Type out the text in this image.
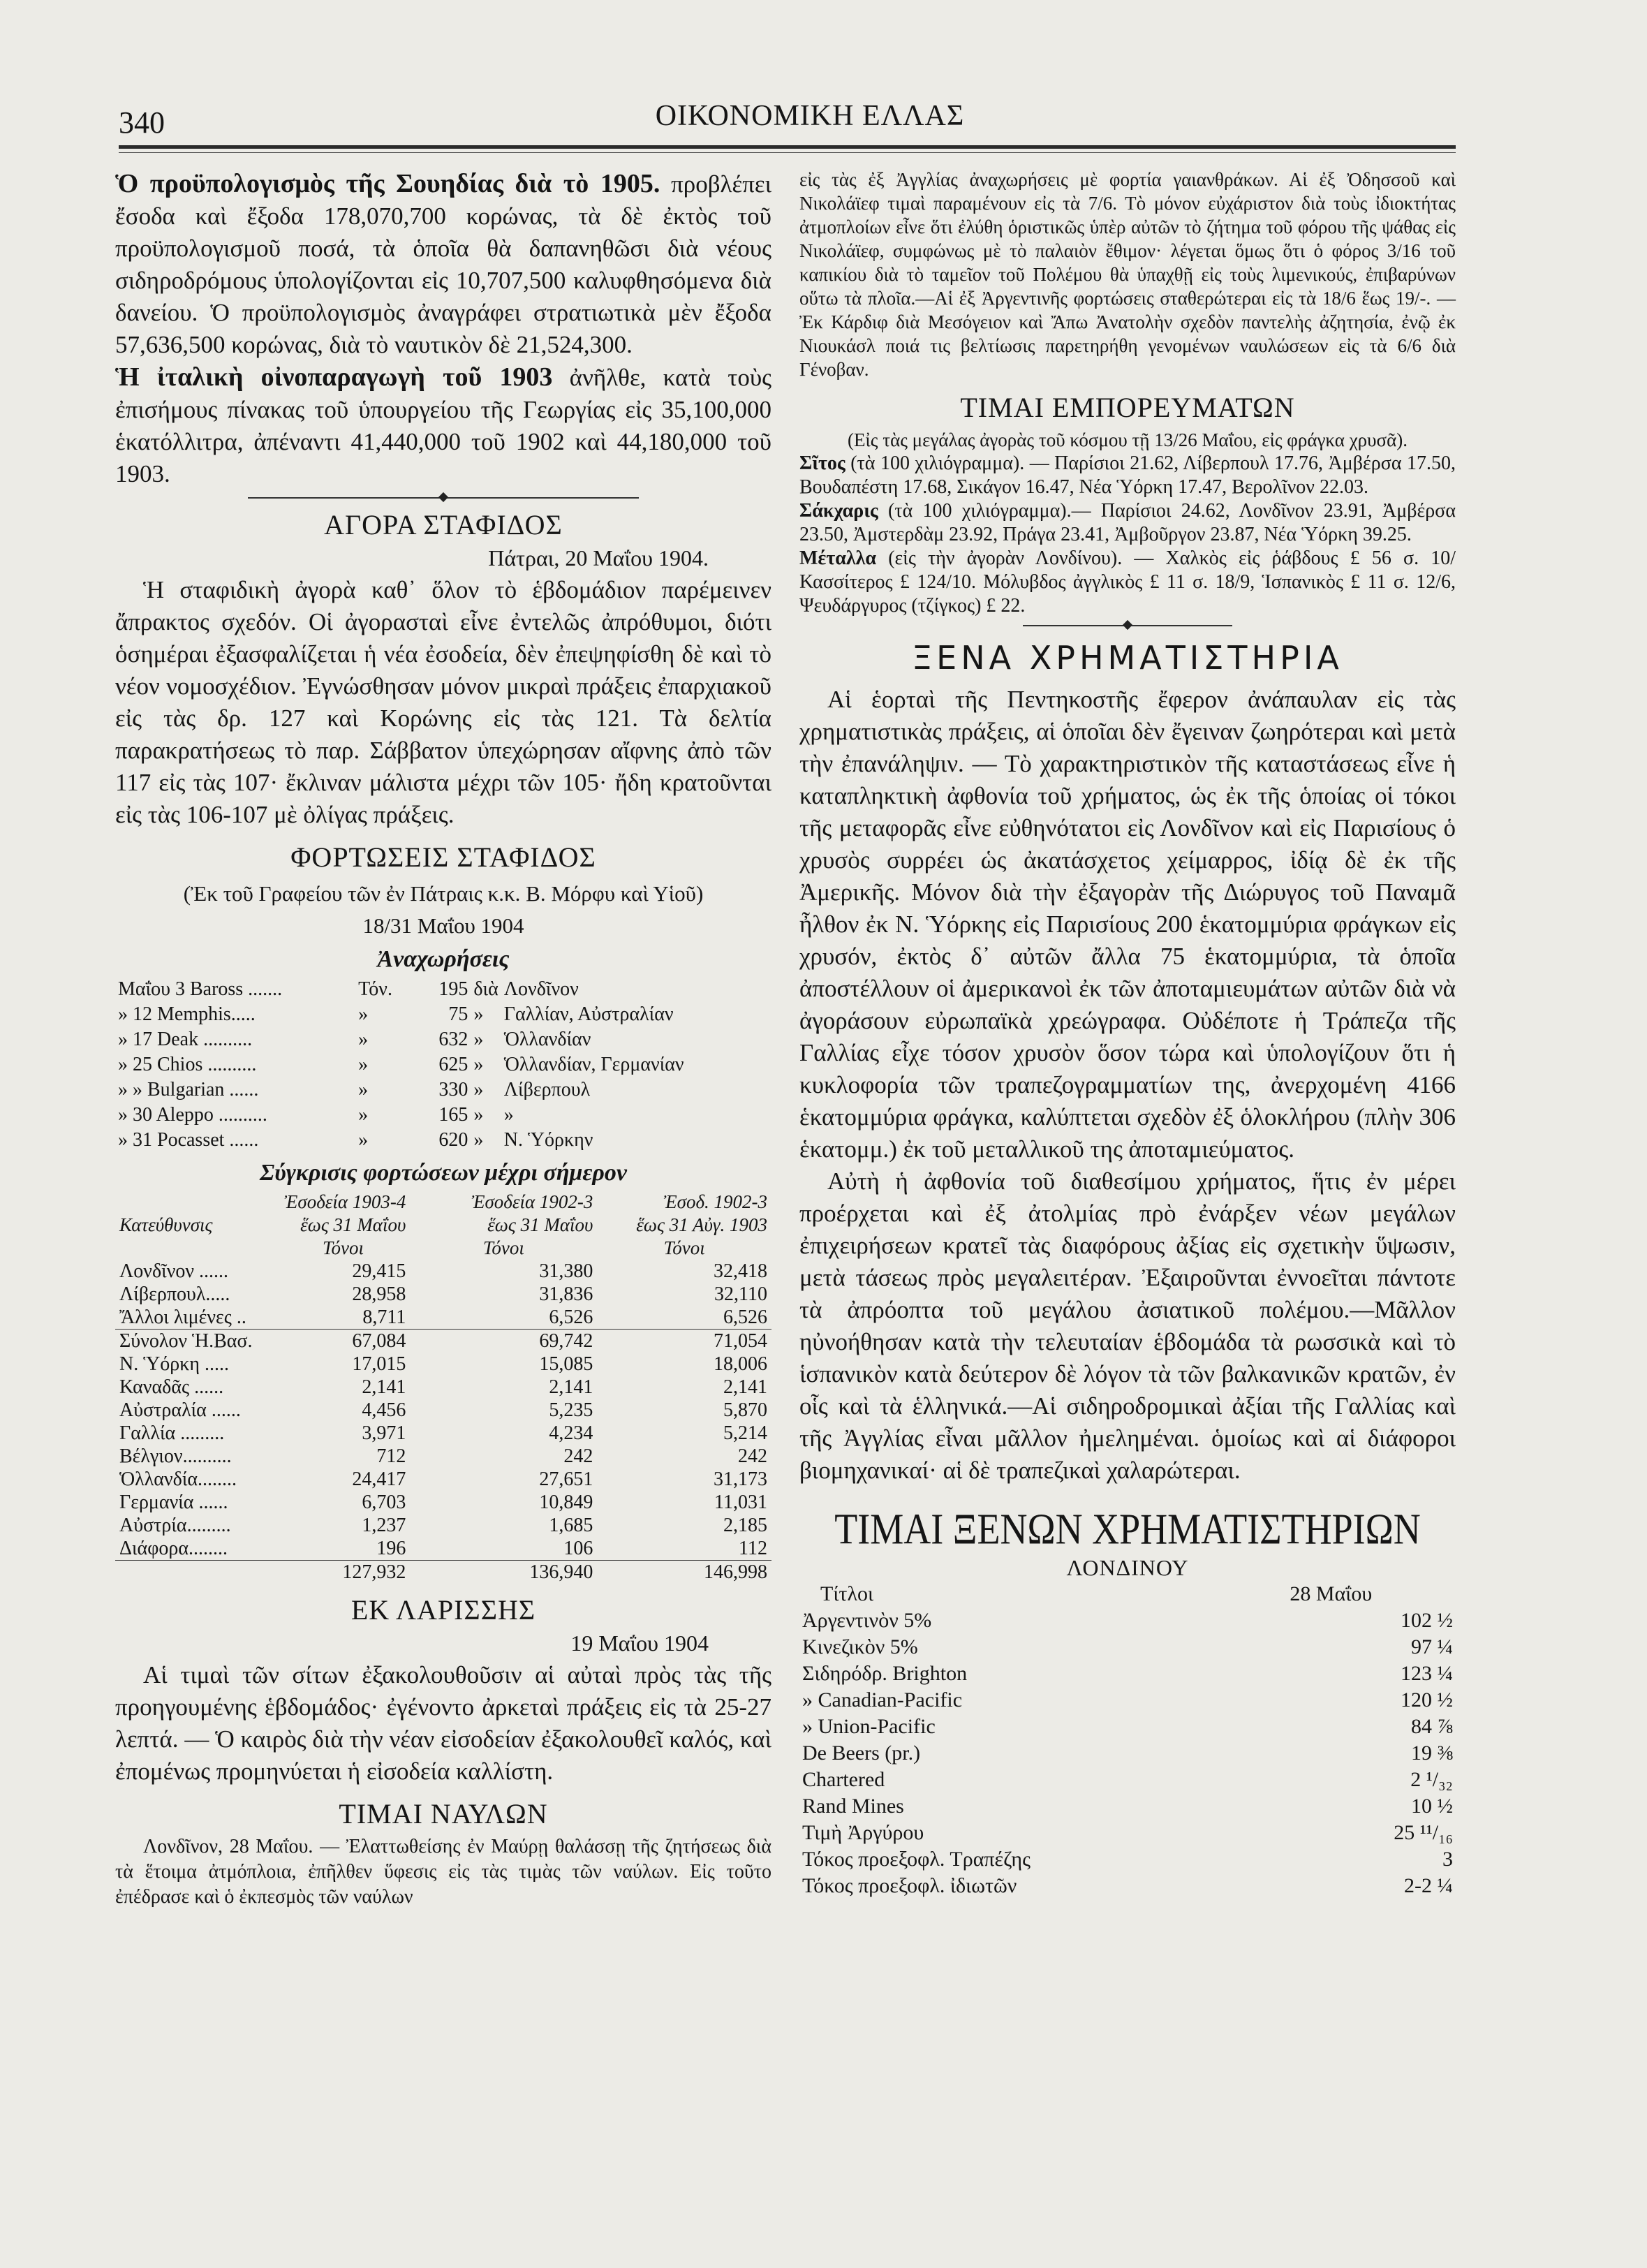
340	ΟΙΚΟΝΟΜΙΚΗ ΕΛΛΑΣ

Ὁ προϋπολογισμὸς τῆς Σουηδίας διὰ τὸ 1905. προβλέπει ἔσοδα καὶ ἔξοδα 178,070,700 κορώνας, τὰ δὲ ἐκτὸς τοῦ προϋπολογισμοῦ ποσά, τὰ ὁποῖα θὰ δαπανηθῶσι διὰ νέους σιδηροδρόμους ὑπολογίζονται εἰς 10,707,500 καλυφθησόμενα διὰ δανείου. Ὁ προϋπολογισμὸς ἀναγράφει στρατιωτικὰ μὲν ἔξοδα 57,636,500 κορώνας, διὰ τὸ ναυτικὸν δὲ 21,524,300.

Ἡ ἰταλικὴ οἰνοπαραγωγὴ τοῦ 1903 ἀνῆλθε, κατὰ τοὺς ἐπισήμους πίνακας τοῦ ὑπουργείου τῆς Γεωργίας εἰς 35,100,000 ἑκατόλλιτρα, ἀπέναντι 41,440,000 τοῦ 1902 καὶ 44,180,000 τοῦ 1903.

ΑΓΟΡΑ ΣΤΑΦΙΔΟΣ
Πάτραι, 20 Μαΐου 1904.

Ἡ σταφιδικὴ ἀγορὰ καθ᾽ ὅλον τὸ ἑβδομάδιον παρέμεινεν ἄπρακτος σχεδόν. Οἱ ἀγορασταὶ εἶνε ἐντελῶς ἀπρόθυμοι, διότι ὁσημέραι ἐξασφαλίζεται ἡ νέα ἐσοδεία, δὲν ἐπεψηφίσθη δὲ καὶ τὸ νέον νομοσχέδιον. Ἐγνώσθησαν μόνον μικραὶ πράξεις ἐπαρχιακοῦ εἰς τὰς δρ. 127 καὶ Κορώνης εἰς τὰς 121. Τὰ δελτία παρακρατήσεως τὸ παρ. Σάββατον ὑπεχώρησαν αἴφνης ἀπὸ τῶν 117 εἰς τὰς 107· ἔκλιναν μάλιστα μέχρι τῶν 105· ἤδη κρατοῦνται εἰς τὰς 106-107 μὲ ὀλίγας πράξεις.

ΦΟΡΤΩΣΕΙΣ ΣΤΑΦΙΔΟΣ

(Ἐκ τοῦ Γραφείου τῶν ἐν Πάτραις κ.κ. Β. Μόρφυ καὶ Υἱοῦ)

18/31 Μαΐου 1904

Ἀναχωρήσεις
Μαΐου 3 Baross .......	Τόν.	195	διὰ	Λονδῖνον
» 12 Memphis.....	»	75	»	Γαλλίαν, Αὐστραλίαν
» 17 Deak ..........	»	632	»	Ὁλλανδίαν
» 25 Chios ..........	»	625	»	Ὁλλανδίαν, Γερμανίαν
» » Bulgarian ......	»	330	»	Λίβερπουλ
» 30 Aleppo ..........	»	165	»	»
» 31 Pocasset ......	»	620	»	Ν. Ὑόρκην
Σύγκρισις φορτώσεων μέχρι σήμερον
	Ἐσοδεία 1903-4	Ἐσοδεία 1902-3	Ἐσοδ. 1902-3
Κατεύθυνσις	ἕως 31 Μαΐου	ἕως 31 Μαΐου	ἕως 31 Αὐγ. 1903
	Τόνοι	Τόνοι	Τόνοι
Λονδῖνον ......	29,415	31,380	32,418
Λίβερπουλ.....	28,958	31,836	32,110
Ἄλλοι λιμένες ..	8,711	6,526	6,526
Σύνολον Ἡ.Βασ.	67,084	69,742	71,054
Ν. Ὑόρκη .....	17,015	15,085	18,006
Καναδᾶς ......	2,141	2,141	2,141
Αὐστραλία ......	4,456	5,235	5,870
Γαλλία .........	3,971	4,234	5,214
Βέλγιον..........	712	242	242
Ὁλλανδία........	24,417	27,651	31,173
Γερμανία ......	6,703	10,849	11,031
Αὐστρία.........	1,237	1,685	2,185
Διάφορα........	196	106	112
	127,932	136,940	146,998
ΕΚ ΛΑΡΙΣΣΗΣ
19 Μαΐου 1904

Αἱ τιμαὶ τῶν σίτων ἐξακολουθοῦσιν αἱ αὐταὶ πρὸς τὰς τῆς προηγουμένης ἑβδομάδος· ἐγένοντο ἀρκεταὶ πράξεις εἰς τὰ 25-27 λεπτά. — Ὁ καιρὸς διὰ τὴν νέαν εἰσοδείαν ἐξακολουθεῖ καλός, καὶ ἐπομένως προμηνύεται ἡ εἰσοδεία καλλίστη.

ΤΙΜΑΙ ΝΑΥΛΩΝ

Λονδῖνον, 28 Μαΐου. — Ἐλαττωθείσης ἐν Μαύρῃ θαλάσσῃ τῆς ζητήσεως διὰ τὰ ἕτοιμα ἀτμόπλοια, ἐπῆλθεν ὕφεσις εἰς τὰς τιμὰς τῶν ναύλων. Εἰς τοῦτο ἐπέδρασε καὶ ὁ ἐκπεσμὸς τῶν ναύλων

εἰς τὰς ἐξ Ἀγγλίας ἀναχωρήσεις μὲ φορτία γαιανθράκων. Αἱ ἐξ Ὀδησσοῦ καὶ Νικολάϊεφ τιμαὶ παραμένουν εἰς τὰ 7/6. Τὸ μόνον εὐχάριστον διὰ τοὺς ἰδιοκτήτας ἀτμοπλοίων εἶνε ὅτι ἐλύθη ὁριστικῶς ὑπὲρ αὐτῶν τὸ ζήτημα τοῦ φόρου τῆς ψάθας εἰς Νικολάϊεφ, συμφώνως μὲ τὸ παλαιὸν ἔθιμον· λέγεται ὅμως ὅτι ὁ φόρος 3/16 τοῦ καπικίου διὰ τὸ ταμεῖον τοῦ Πολέμου θὰ ὑπαχθῇ εἰς τοὺς λιμενικούς, ἐπιβαρύνων οὕτω τὰ πλοῖα.—Αἱ ἐξ Ἀργεντινῆς φορτώσεις σταθερώτεραι εἰς τὰ 18/6 ἕως 19/-. — Ἐκ Κάρδιφ διὰ Μεσόγειον καὶ Ἄπω Ἀνατολὴν σχεδὸν παντελὴς ἀζητησία, ἐνῷ ἐκ Νιουκάσλ ποιά τις βελτίωσις παρετηρήθη γενομένων ναυλώσεων εἰς τὰ 6/6 διὰ Γένοβαν.

ΤΙΜΑΙ ΕΜΠΟΡΕΥΜΑΤΩΝ

(Εἰς τὰς μεγάλας ἀγορὰς τοῦ κόσμου τῇ 13/26 Μαΐου, εἰς φράγκα χρυσᾶ).

Σῖτος (τὰ 100 χιλιόγραμμα). — Παρίσιοι 21.62, Λίβερπουλ 17.76, Ἀμβέρσα 17.50, Βουδαπέστη 17.68, Σικάγον 16.47, Νέα Ὑόρκη 17.47, Βερολῖνον 22.03.

Σάκχαρις (τὰ 100 χιλιόγραμμα).— Παρίσιοι 24.62, Λονδῖνον 23.91, Ἀμβέρσα 23.50, Ἀμστερδὰμ 23.92, Πράγα 23.41, Ἀμβοῦργον 23.87, Νέα Ὑόρκη 39.25.

Μέταλλα (εἰς τὴν ἀγορὰν Λονδίνου). — Χαλκὸς εἰς ῥάβδους £ 56 σ. 10/ Κασσίτερος £ 124/10. Μόλυβδος ἀγγλικὸς £ 11 σ. 18/9, Ἱσπανικὸς £ 11 σ. 12/6, Ψευδάργυρος (τζίγκος) £ 22.

ΞΕΝΑ ΧΡΗΜΑΤΙΣΤΗΡΙΑ

Αἱ ἑορταὶ τῆς Πεντηκοστῆς ἔφερον ἀνάπαυλαν εἰς τὰς χρηματιστικὰς πράξεις, αἱ ὁποῖαι δὲν ἔγειναν ζωηρότεραι καὶ μετὰ τὴν ἐπανάληψιν. — Τὸ χαρακτηριστικὸν τῆς καταστάσεως εἶνε ἡ καταπληκτικὴ ἀφθονία τοῦ χρήματος, ὡς ἐκ τῆς ὁποίας οἱ τόκοι τῆς μεταφορᾶς εἶνε εὐθηνότατοι εἰς Λονδῖνον καὶ εἰς Παρισίους ὁ χρυσὸς συρρέει ὡς ἀκατάσχετος χείμαρρος, ἰδίᾳ δὲ ἐκ τῆς Ἀμερικῆς. Μόνον διὰ τὴν ἐξαγορὰν τῆς Διώρυγος τοῦ Παναμᾶ ἦλθον ἐκ Ν. Ὑόρκης εἰς Παρισίους 200 ἑκατομμύρια φράγκων εἰς χρυσόν, ἐκτὸς δ᾽ αὐτῶν ἄλλα 75 ἑκατομμύρια, τὰ ὁποῖα ἀποστέλλουν οἱ ἀμερικανοὶ ἐκ τῶν ἀποταμιευμάτων αὐτῶν διὰ νὰ ἀγοράσουν εὐρωπαϊκὰ χρεώγραφα. Οὐδέποτε ἡ Τράπεζα τῆς Γαλλίας εἶχε τόσον χρυσὸν ὅσον τώρα καὶ ὑπολογίζουν ὅτι ἡ κυκλοφορία τῶν τραπεζογραμματίων της, ἀνερχομένη 4166 ἑκατομμύρια φράγκα, καλύπτεται σχεδὸν ἐξ ὁλοκλήρου (πλὴν 306 ἑκατομμ.) ἐκ τοῦ μεταλλικοῦ της ἀποταμιεύματος.

Αὐτὴ ἡ ἀφθονία τοῦ διαθεσίμου χρήματος, ἥτις ἐν μέρει προέρχεται καὶ ἐξ ἀτολμίας πρὸ ἐνάρξεν νέων μεγάλων ἐπιχειρήσεων κρατεῖ τὰς διαφόρους ἀξίας εἰς σχετικὴν ὕψωσιν, μετὰ τάσεως πρὸς μεγαλειτέραν. Ἐξαιροῦνται ἐννοεῖται πάντοτε τὰ ἀπρόοπτα τοῦ μεγάλου ἀσιατικοῦ πολέμου.—Μᾶλλον ηὐνοήθησαν κατὰ τὴν τελευταίαν ἑβδομάδα τὰ ρωσσικὰ καὶ τὸ ἱσπανικὸν κατὰ δεύτερον δὲ λόγον τὰ τῶν βαλκανικῶν κρατῶν, ἐν οἷς καὶ τὰ ἑλληνικά.—Αἱ σιδηροδρομικαὶ ἀξίαι τῆς Γαλλίας καὶ τῆς Ἀγγλίας εἶναι μᾶλλον ἠμελημέναι. ὁμοίως καὶ αἱ διάφοροι βιομηχανικαί· αἱ δὲ τραπεζικαὶ χαλαρώτεραι.

ΤΙΜΑΙ ΞΕΝΩΝ ΧΡΗΜΑΤΙΣΤΗΡΙΩΝ
ΛΟΝΔΙΝΟΥ
Τίτλοι	28 Μαΐου
Ἀργεντινὸν 5%	102 ½
Κινεζικὸν 5%	97 ¼
Σιδηρόδρ. Brighton	123 ¼
» Canadian-Pacific	120 ½
» Union-Pacific	84 ⅞
De Beers (pr.)	19 ⅜
Chartered	2 ¹/₃₂
Rand Mines	10 ½
Τιμὴ Ἀργύρου	25 ¹¹/₁₆
Τόκος προεξοφλ. Τραπέζης	3
Τόκος προεξοφλ. ἰδιωτῶν	2-2 ¼
